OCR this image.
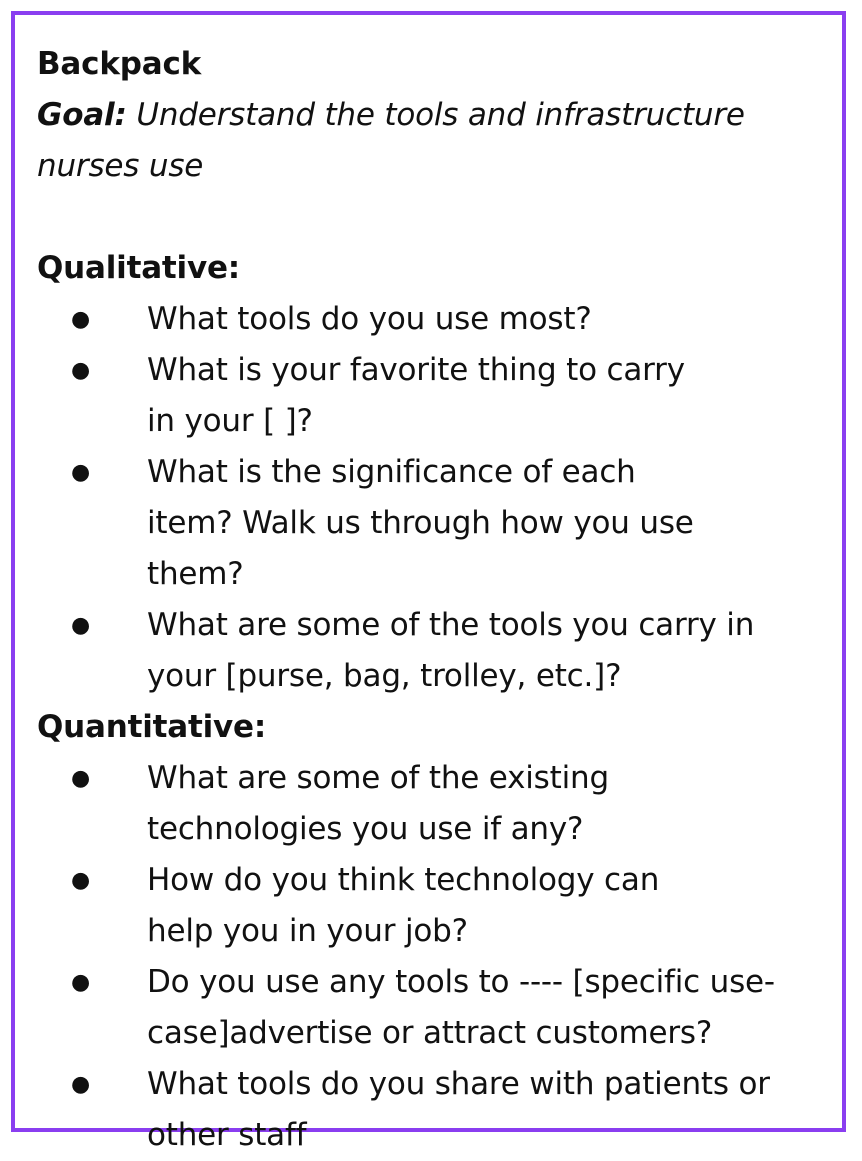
Backpack

Goal: Understand the tools and infrastructure nurses use

Qualitative:

● What tools do you use most?
● What is your favorite thing to carry in your [ ]?
● What is the significance of each item? Walk us through how you use them?
● What are some of the tools you carry in your [purse, bag, trolley, etc.]?

Quantitative:

● What are some of the existing technologies you use if any?
● How do you think technology can help you in your job?
● Do you use any tools to ---- [specific use-case]advertise or attract customers?
● What tools do you share with patients or other staff
